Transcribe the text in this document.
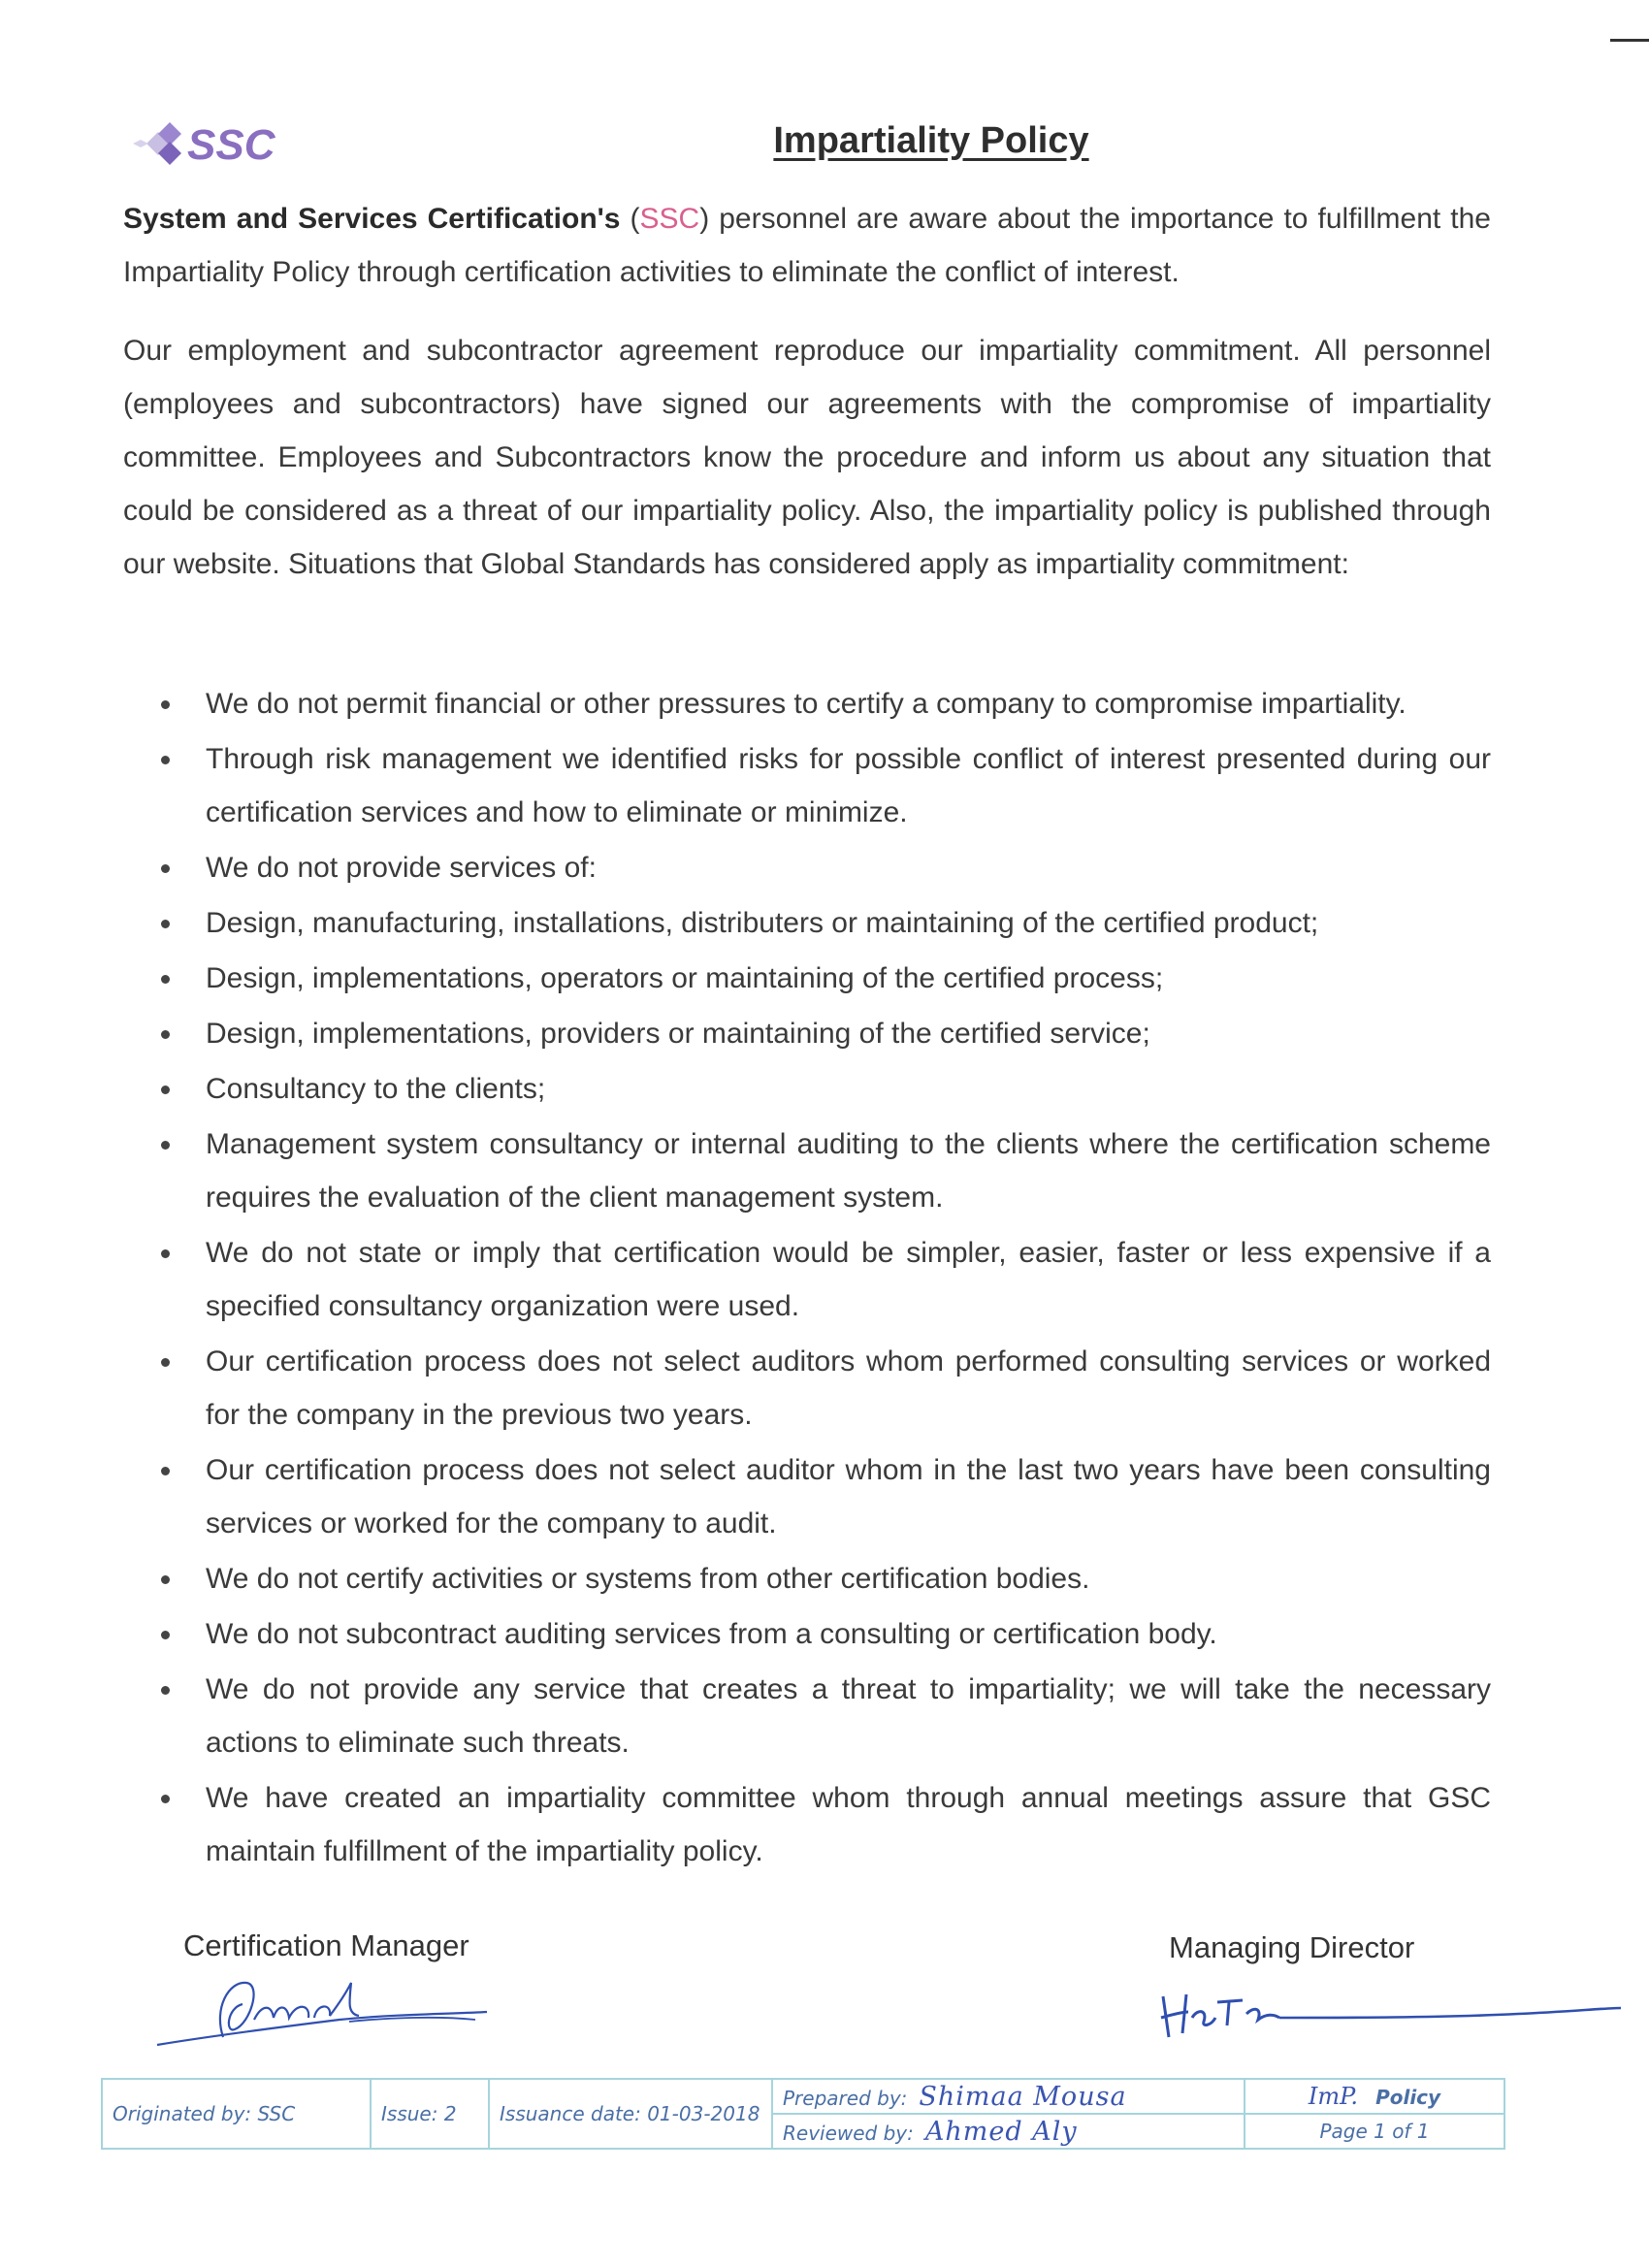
SSC	Impartiality Policy
System and Services Certification's (SSC) personnel are aware about the importance to fulfillment the Impartiality Policy through certification activities to eliminate the conflict of interest.
Our employment and subcontractor agreement reproduce our impartiality commitment. All personnel (employees and subcontractors) have signed our agreements with the compromise of impartiality committee. Employees and Subcontractors know the procedure and inform us about any situation that could be considered as a threat of our impartiality policy. Also, the impartiality policy is published through our website. Situations that Global Standards has considered apply as impartiality commitment:
We do not permit financial or other pressures to certify a company to compromise impartiality.
Through risk management we identified risks for possible conflict of interest presented during our certification services and how to eliminate or minimize.
We do not provide services of:
Design, manufacturing, installations, distributers or maintaining of the certified product;
Design, implementations, operators or maintaining of the certified process;
Design, implementations, providers or maintaining of the certified service;
Consultancy to the clients;
Management system consultancy or internal auditing to the clients where the certification scheme requires the evaluation of the client management system.
We do not state or imply that certification would be simpler, easier, faster or less expensive if a specified consultancy organization were used.
Our certification process does not select auditors whom performed consulting services or worked for the company in the previous two years.
Our certification process does not select auditor whom in the last two years have been consulting services or worked for the company to audit.
We do not certify activities or systems from other certification bodies.
We do not subcontract auditing services from a consulting or certification body.
We do not provide any service that creates a threat to impartiality; we will take the necessary actions to eliminate such threats.
We have created an impartiality committee whom through annual meetings assure that GSC maintain fulfillment of the impartiality policy.
Certification Manager	Managing Director
Originated by: SSC	Issue: 2	Issuance date: 01-03-2018	Prepared by: Shimaa Mousa	ImP. Policy
			Reviewed by: Ahmed Aly	Page 1 of 1
